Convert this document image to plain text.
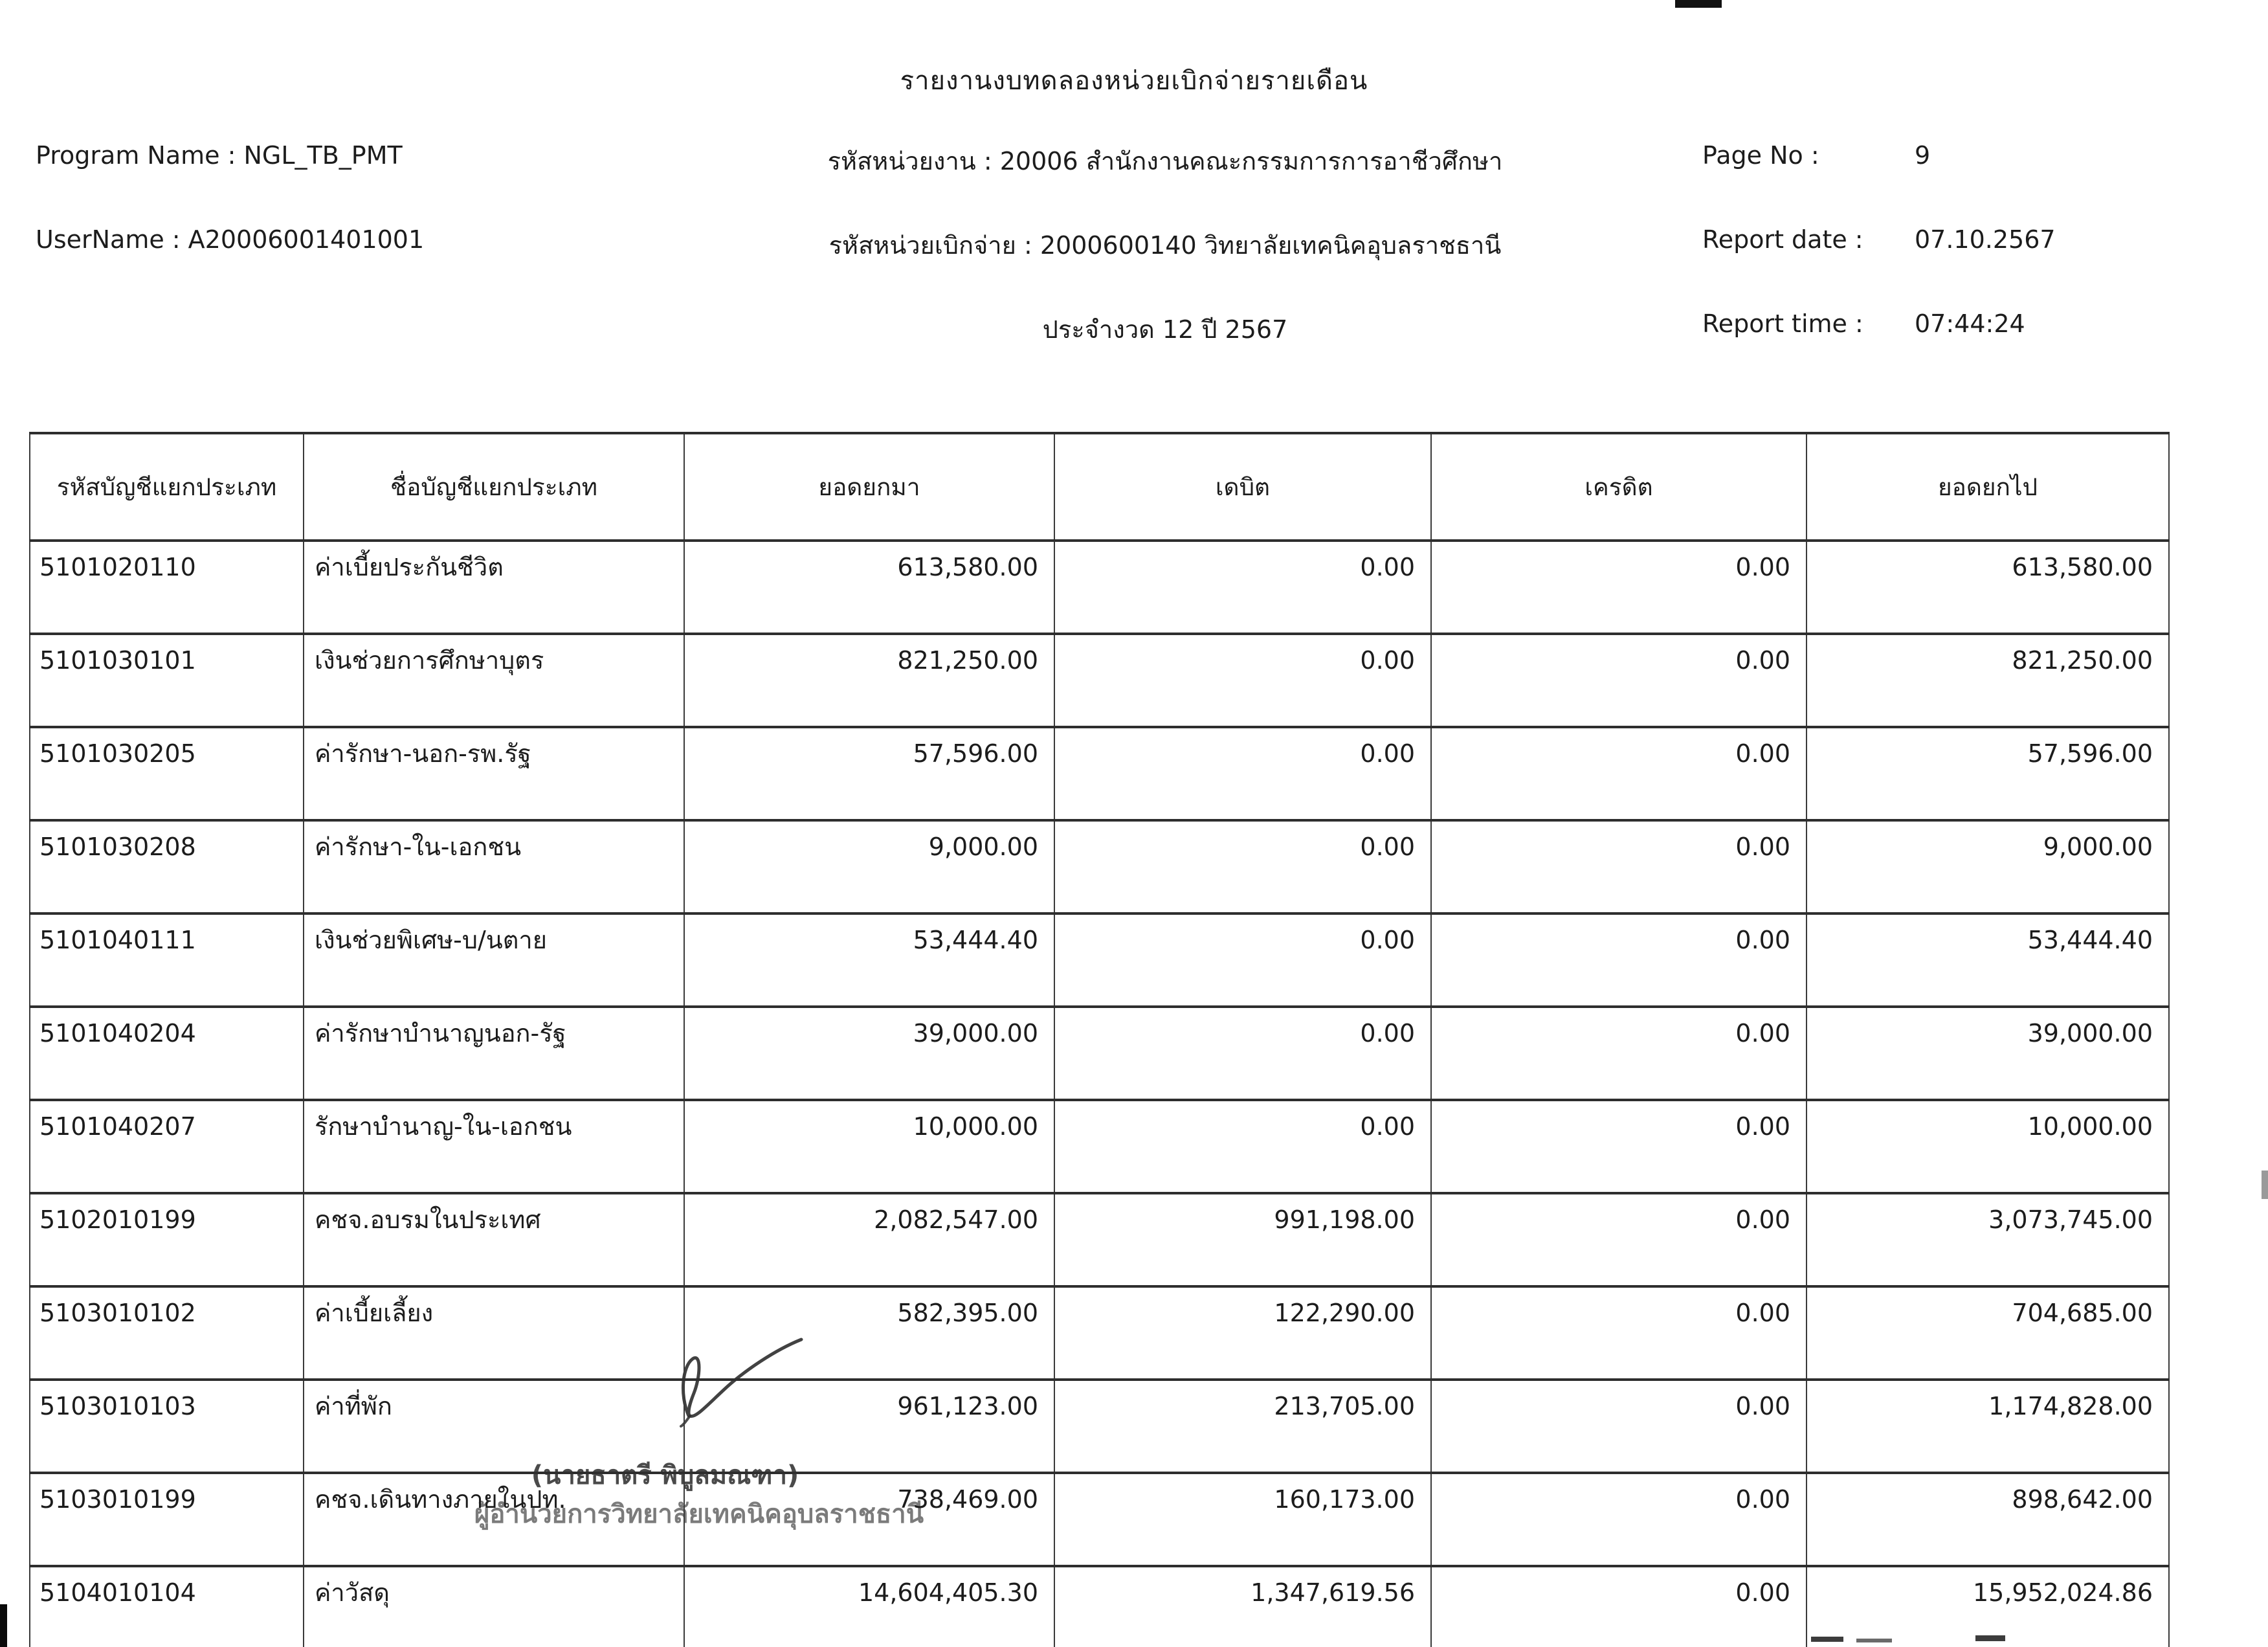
รายงานงบทดลองหน่วยเบิกจ่ายรายเดือน
Program Name : NGL_TB_PMT
UserName : A20006001401001
รหัสหน่วยงาน : 20006 สำนักงานคณะกรรมการการอาชีวศึกษา
รหัสหน่วยเบิกจ่าย : 2000600140 วิทยาลัยเทคนิคอุบลราชธานี
ประจำงวด 12 ปี 2567
Page No :	9
Report date : 07.10.2567
Report time : 07:44:24
(นายธาตรี พิบูลมณฑา)
ผู้อำนวยการวิทยาลัยเทคนิคอุบลราชธานี
รหัสบัญชีแยกประเภท	ชื่อบัญชีแยกประเภท	ยอดยกมา	เดบิต	เครดิต	ยอดยกไป
5101020110	ค่าเบี้ยประกันชีวิต	613,580.00	0.00	0.00	613,580.00
5101030101	เงินช่วยการศึกษาบุตร	821,250.00	0.00	0.00	821,250.00
5101030205	ค่ารักษา-นอก-รพ.รัฐ	57,596.00	0.00	0.00	57,596.00
5101030208	ค่ารักษา-ใน-เอกชน	9,000.00	0.00	0.00	9,000.00
5101040111	เงินช่วยพิเศษ-บ/นตาย	53,444.40	0.00	0.00	53,444.40
5101040204	ค่ารักษาบำนาญนอก-รัฐ	39,000.00	0.00	0.00	39,000.00
5101040207	รักษาบำนาญ-ใน-เอกชน	10,000.00	0.00	0.00	10,000.00
5102010199	คชจ.อบรมในประเทศ	2,082,547.00	991,198.00	0.00	3,073,745.00
5103010102	ค่าเบี้ยเลี้ยง	582,395.00	122,290.00	0.00	704,685.00
5103010103	ค่าที่พัก	961,123.00	213,705.00	0.00	1,174,828.00
5103010199	คชจ.เดินทางภายในปท.	738,469.00	160,173.00	0.00	898,642.00
5104010104	ค่าวัสดุ	14,604,405.30	1,347,619.56	0.00	15,952,024.86
